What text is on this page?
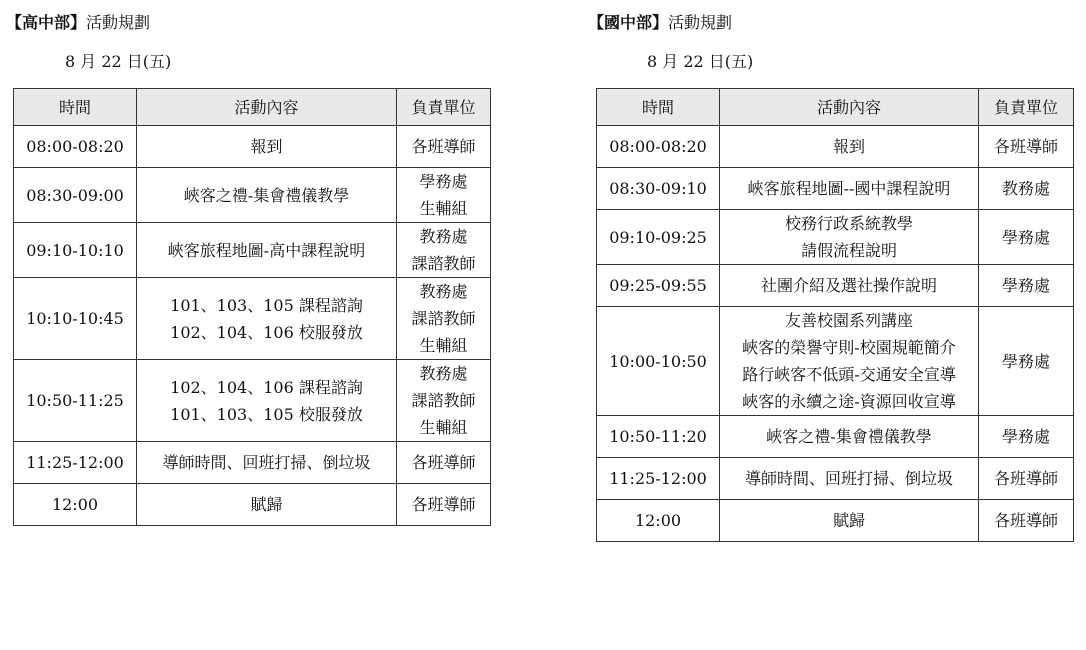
【高中部】活動規劃
8 月 22 日(五)
時間	活動內容	負責單位
08:00-08:20	報到	各班導師

08:30-09:00	峽客之禮-集會禮儀教學	學務處
生輔組

09:10-10:10	峽客旅程地圖-高中課程說明	教務處
課諮教師

10:10-10:45	101、103、105 課程諮詢
102、104、106 校服發放	教務處
課諮教師
生輔組

10:50-11:25	102、104、106 課程諮詢
101、103、105 校服發放	教務處
課諮教師
生輔組

11:25-12:00	導師時間、回班打掃、倒垃圾	各班導師

12:00	賦歸	各班導師
【國中部】活動規劃
8 月 22 日(五)
時間	活動內容	負責單位
08:00-08:20	報到	各班導師

08:30-09:10	峽客旅程地圖--國中課程說明	教務處

09:10-09:25	校務行政系統教學
請假流程說明	學務處

09:25-09:55	社團介紹及選社操作說明	學務處

10:00-10:50	友善校園系列講座
峽客的榮譽守則-校園規範簡介
路行峽客不低頭-交通安全宣導
峽客的永續之途-資源回收宣導	學務處

10:50-11:20	峽客之禮-集會禮儀教學	學務處

11:25-12:00	導師時間、回班打掃、倒垃圾	各班導師

12:00	賦歸	各班導師
